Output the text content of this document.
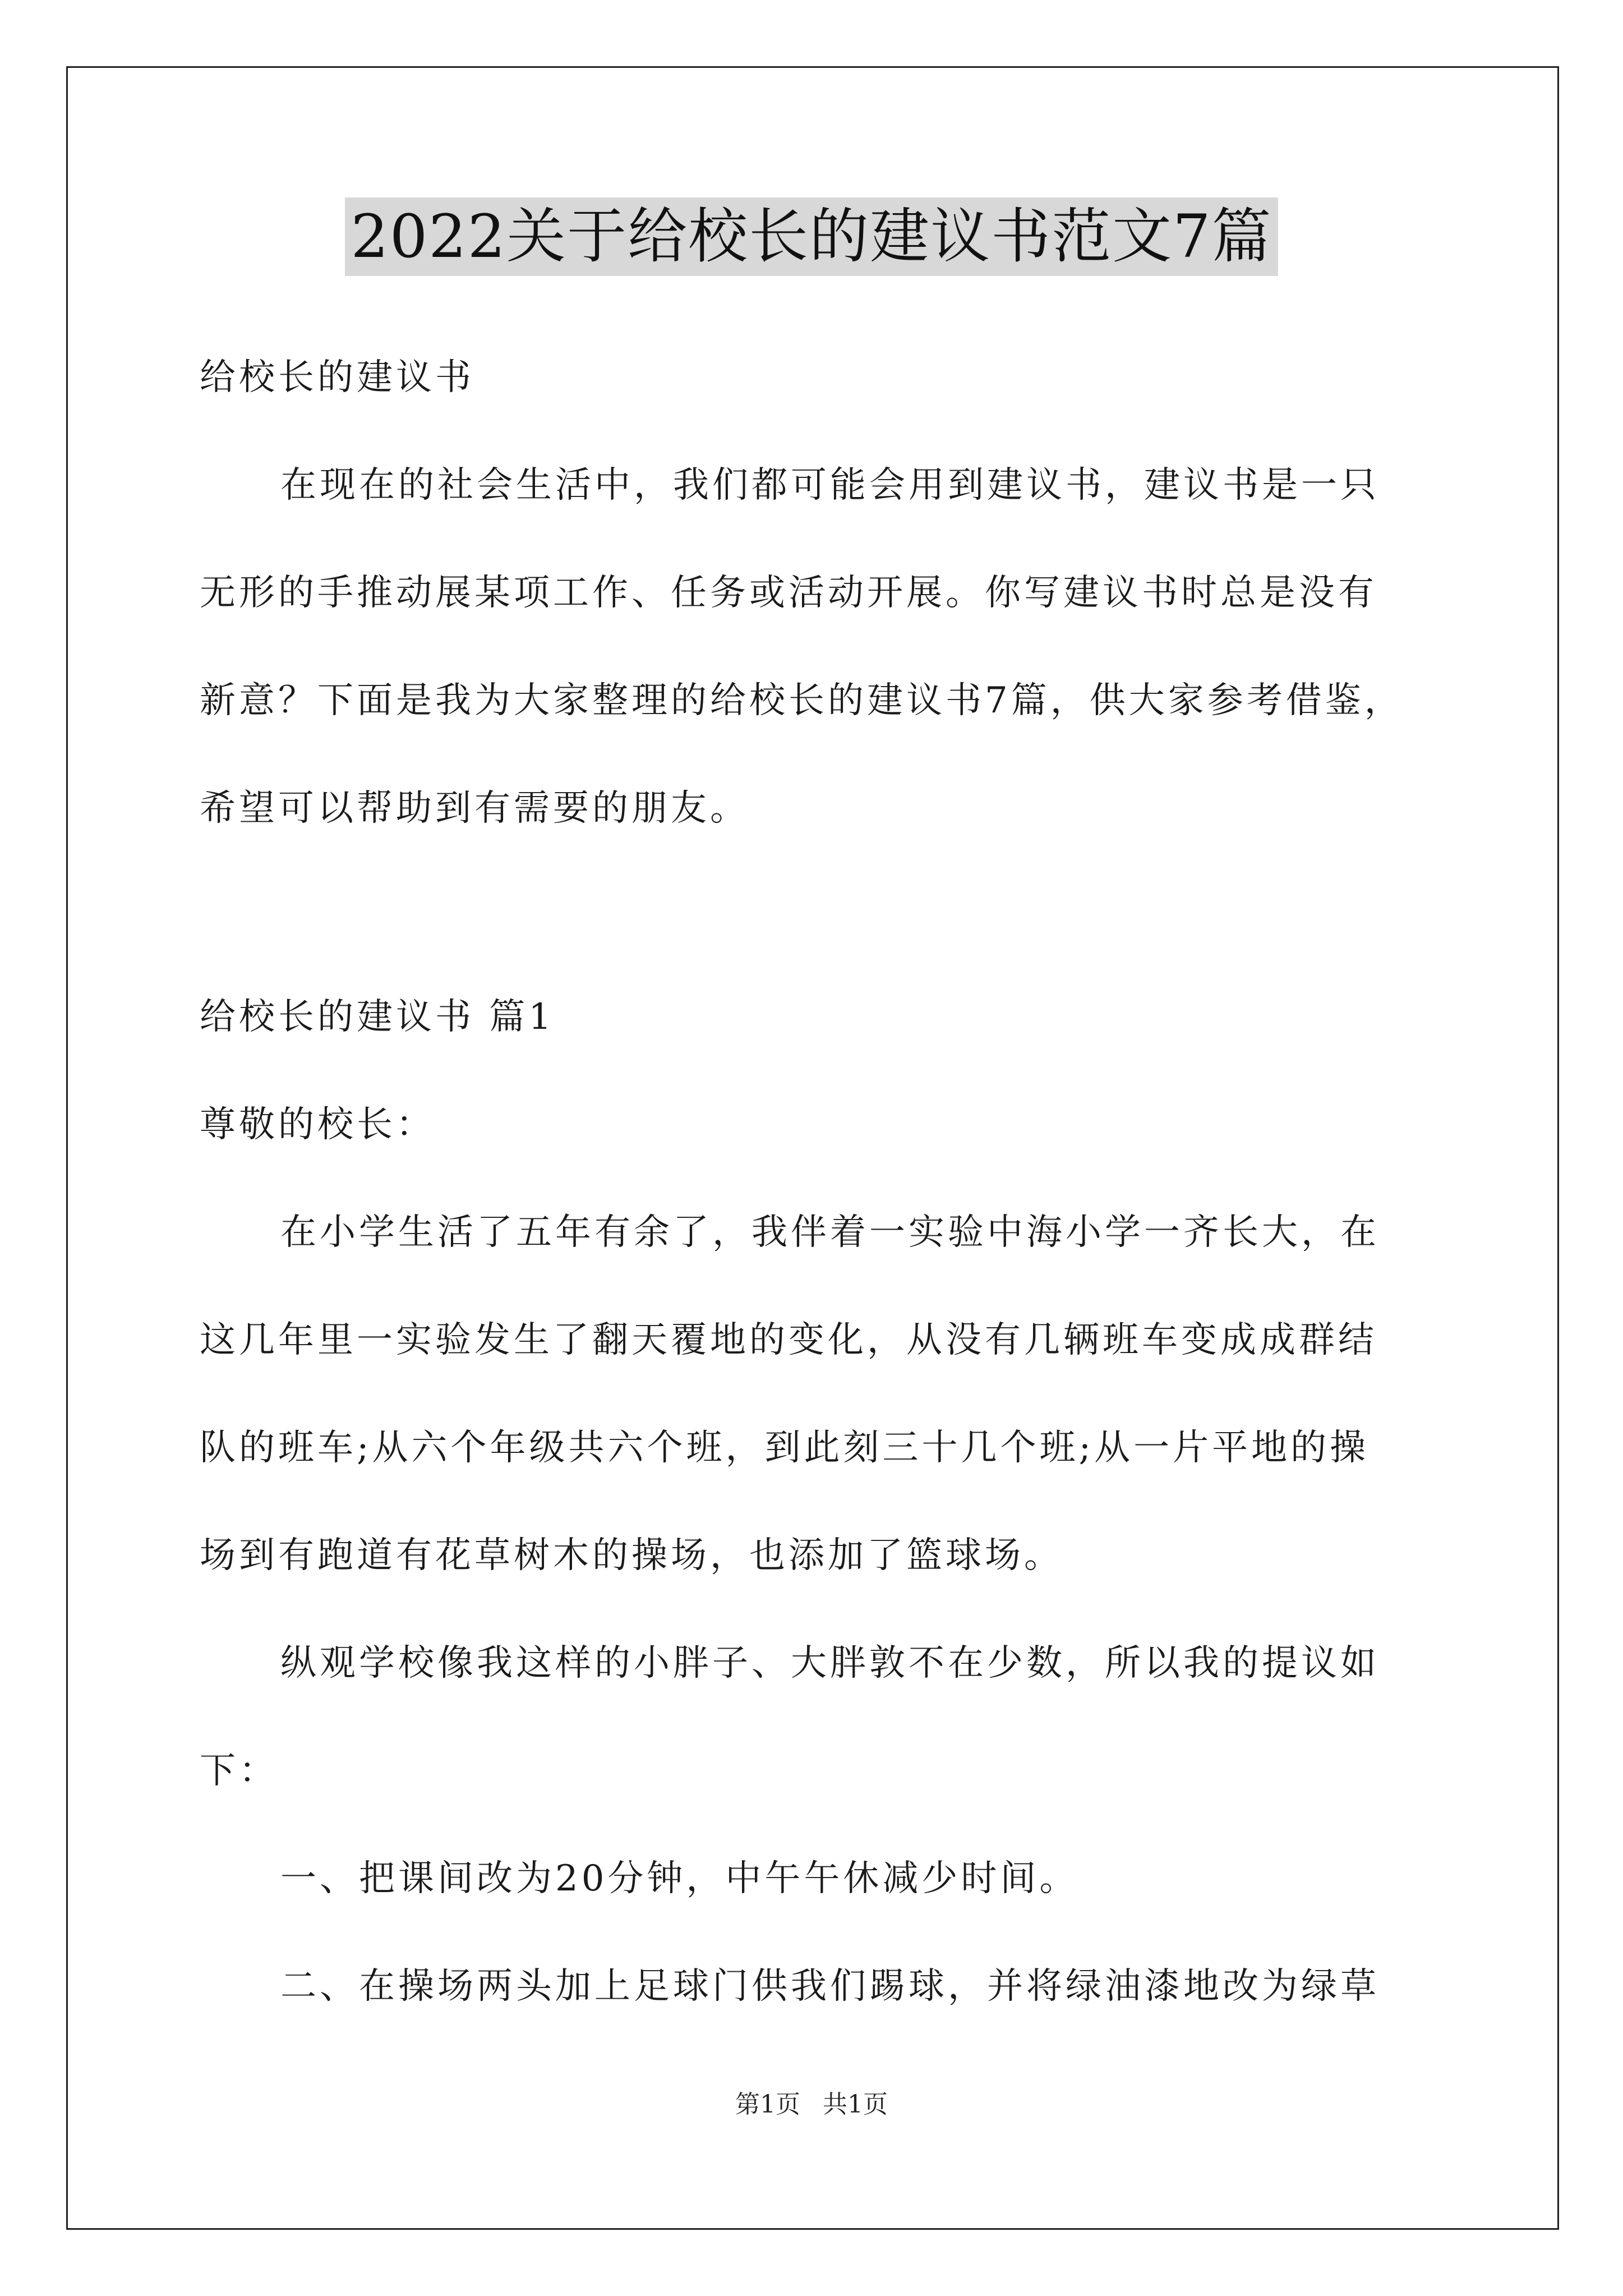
2022关于给校长的建议书范文7篇
给校长的建议书
在现在的社会生活中，我们都可能会用到建议书，建议书是一只
无形的手推动展某项工作、任务或活动开展。你写建议书时总是没有
新意？下面是我为大家整理的给校长的建议书7篇，供大家参考借鉴，
希望可以帮助到有需要的朋友。
给校长的建议书 篇1
尊敬的校长：
在小学生活了五年有余了，我伴着一实验中海小学一齐长大，在
这几年里一实验发生了翻天覆地的变化，从没有几辆班车变成成群结
队的班车;从六个年级共六个班，到此刻三十几个班;从一片平地的操
场到有跑道有花草树木的操场，也添加了篮球场。
纵观学校像我这样的小胖子、大胖敦不在少数，所以我的提议如
下：
一、把课间改为20分钟，中午午休减少时间。
二、在操场两头加上足球门供我们踢球，并将绿油漆地改为绿草
第1页 共1页
